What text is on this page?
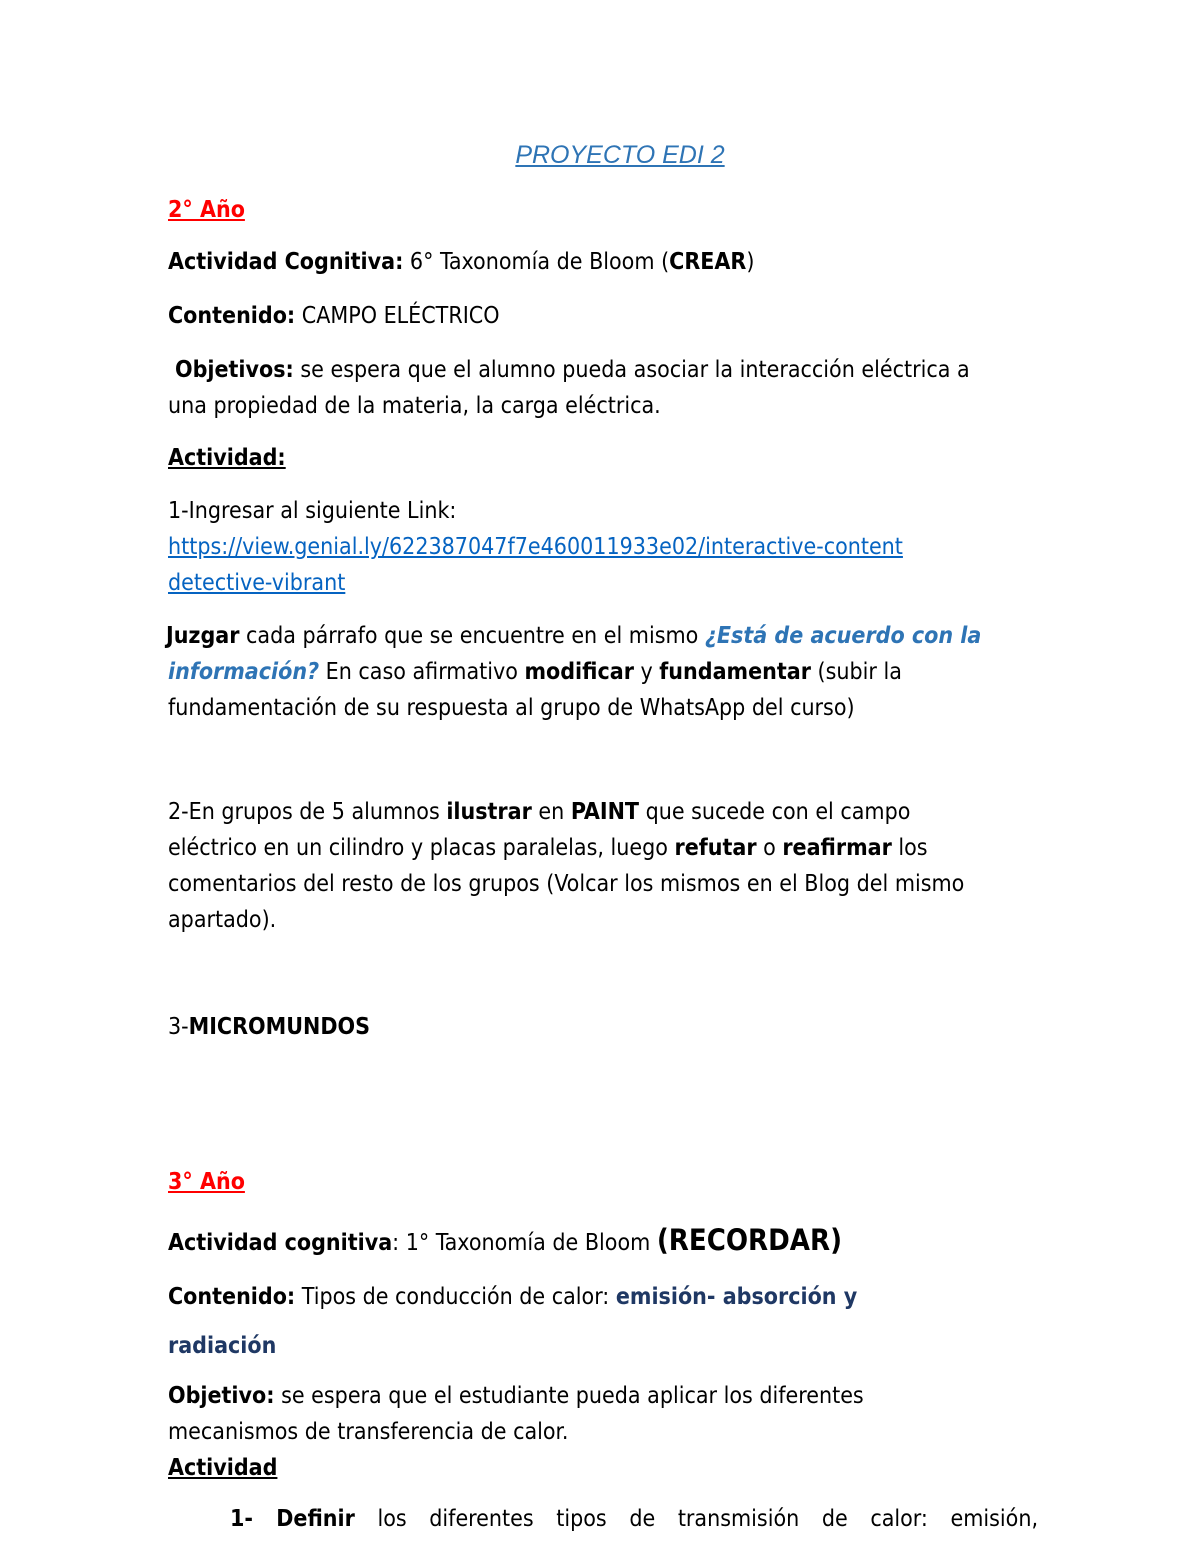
PROYECTO EDI 2
2° Año
Actividad Cognitiva: 6° Taxonomía de Bloom (CREAR)
Contenido: CAMPO ELÉCTRICO
Objetivos: se espera que el alumno pueda asociar la interacción eléctrica a
una propiedad de la materia, la carga eléctrica.
Actividad:
1-Ingresar al siguiente Link:
https://view.genial.ly/622387047f7e460011933e02/interactive-content
detective-vibrant
Juzgar cada párrafo que se encuentre en el mismo ¿Está de acuerdo con la
información? En caso afirmativo modificar y fundamentar (subir la
fundamentación de su respuesta al grupo de WhatsApp del curso)
2-En grupos de 5 alumnos ilustrar en PAINT que sucede con el campo
eléctrico en un cilindro y placas paralelas, luego refutar o reafirmar los
comentarios del resto de los grupos (Volcar los mismos en el Blog del mismo
apartado).
3-MICROMUNDOS
3° Año
Actividad cognitiva: 1° Taxonomía de Bloom (RECORDAR)
Contenido: Tipos de conducción de calor: emisión- absorción y
radiación
Objetivo: se espera que el estudiante pueda aplicar los diferentes
mecanismos de transferencia de calor.
Actividad
1- Definir los diferentes tipos de transmisión de calor: emisión,
